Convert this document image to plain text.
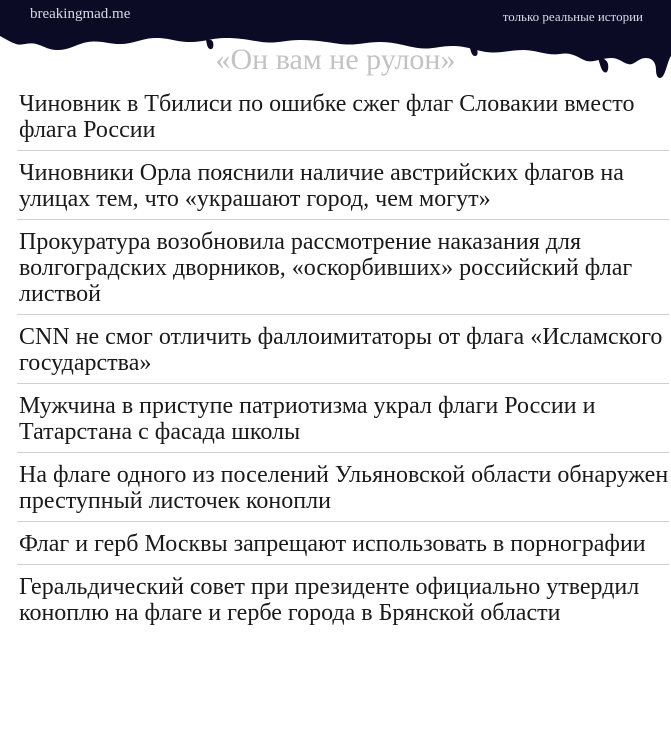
breakingmad.me	только реальные истории
«Он вам не рулон»
Чиновник в Тбилиси по ошибке сжег флаг Словакии вместо флага России
Чиновники Орла пояснили наличие австрийских флагов на улицах тем, что «украшают город, чем могут»
Прокуратура возобновила рассмотрение наказания для волгоградских дворников, «оскорбивших» российский флаг листвой
CNN не смог отличить фаллоимитаторы от флага «Исламского государства»
Мужчина в приступе патриотизма украл флаги России и Татарстана с фасада школы
На флаге одного из поселений Ульяновской области обнаружен преступный листочек конопли
Флаг и герб Москвы запрещают использовать в порнографии
Геральдический совет при президенте официально утвердил коноплю на флаге и гербе города в Брянской области
